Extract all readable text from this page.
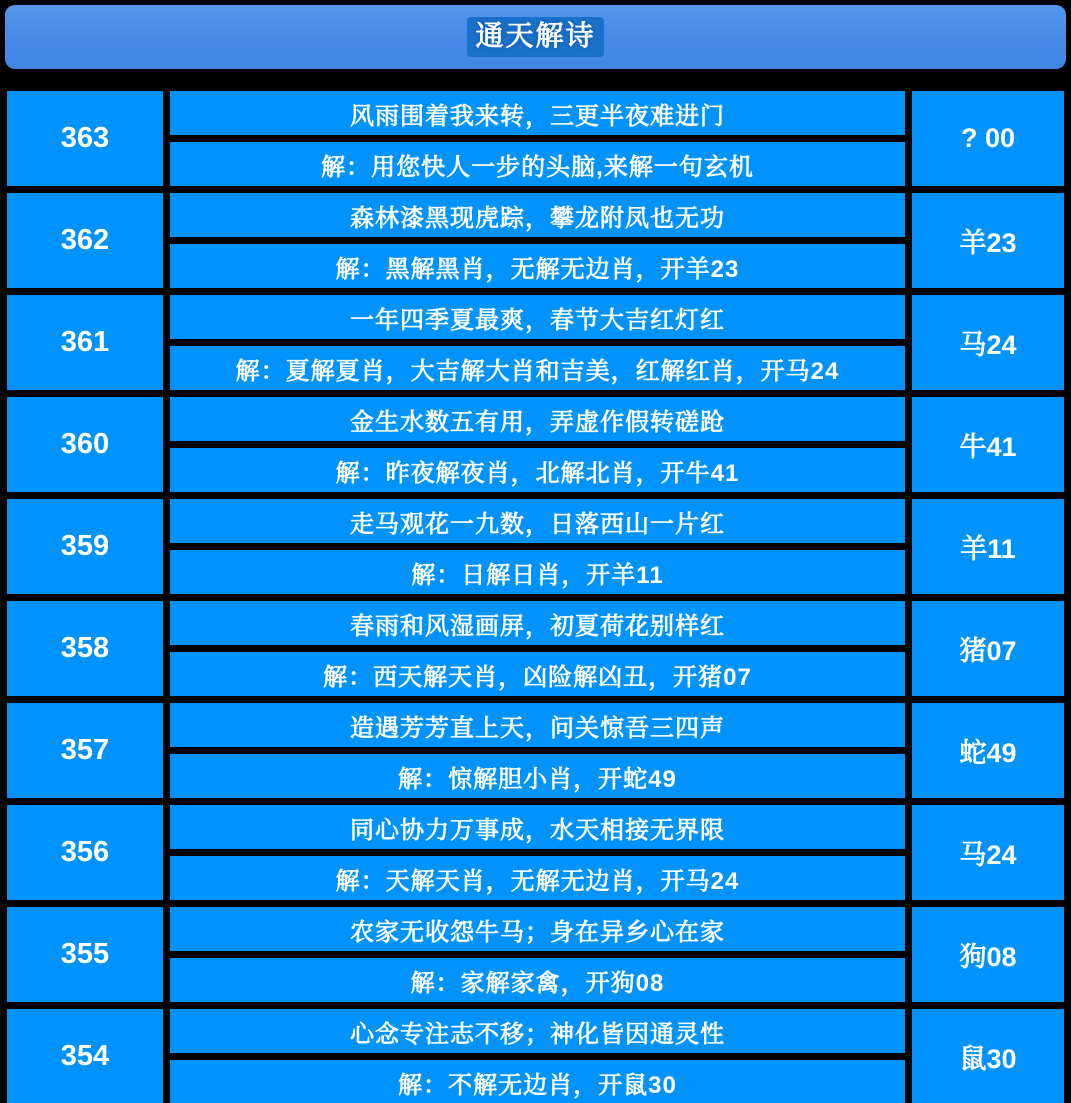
通天解诗
363
风雨围着我来转，三更半夜难进门
解：用您快人一步的头脑,来解一句玄机
? 00
362
森林漆黑现虎踪，攀龙附凤也无功
解：黑解黑肖，无解无边肖，开羊23
羊23
361
一年四季夏最爽，春节大吉红灯红
解：夏解夏肖，大吉解大肖和吉美，红解红肖，开马24
马24
360
金生水数五有用，弄虚作假转磋跄
解：昨夜解夜肖，北解北肖，开牛41
牛41
359
走马观花一九数，日落西山一片红
解：日解日肖，开羊11
羊11
358
春雨和风湿画屏，初夏荷花别样红
解：西天解天肖，凶险解凶丑，开猪07
猪07
357
造遇芳芳直上天，问关惊吾三四声
解：惊解胆小肖，开蛇49
蛇49
356
同心协力万事成，水天相接无界限
解：天解天肖，无解无边肖，开马24
马24
355
农家无收怨牛马；身在异乡心在家
解：家解家禽，开狗08
狗08
354
心念专注志不移；神化皆因通灵性
解：不解无边肖，开鼠30
鼠30
